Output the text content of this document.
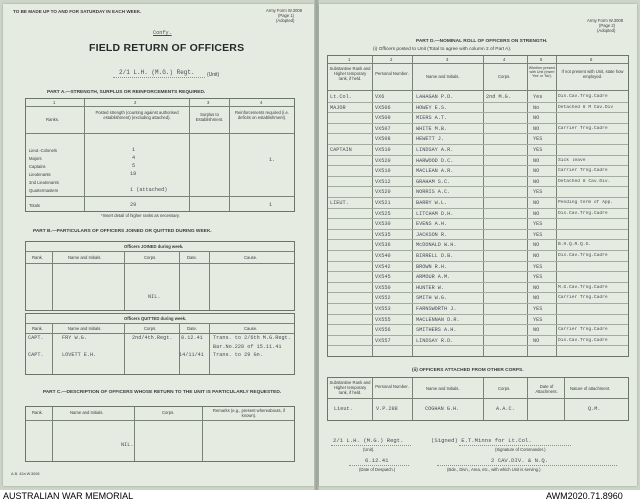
TO BE MADE UP TO AND FOR SATURDAY IN EACH WEEK.	Army Form W.3008
(Page 1)
(Adopted)
Confy.
FIELD RETURN OF OFFICERS
2/1 L.H. (M.G.) Regt. (Unit)
PART A.—STRENGTH, SURPLUS OR REINFORCEMENTS REQUIRED.
1	2	3	4
Ranks.
Posted strength (counting against authorised establishment) (excluding attached).
Surplus to Establishment.
Reinforcements required (i.e. deficits on establishment).
Lieut.-Colonels	1
Majors	4	1.
Captains	5
Lieutenants	18
2nd Lieutenants
Quartermasters	1 (attached)
Totals	29	1
*Insert detail of higher ranks as necessary.
PART B.—PARTICULARS OF OFFICERS JOINED OR QUITTED DURING WEEK.
Officers JOINED during week.
Rank.	Name and Initials.	Corps.	Date.	Cause.
NIL.
Officers QUITTED during week.
Rank.	Name and Initials.	Corps.	Date.	Cause.
CAPT.	FRY W.G.	2nd/4th.Regt. 8.12.41 Trans. to 2/6th M.G.Regt.
Bar.No.228 of 15.11.41
CAPT.	LOVETT E.H.	14/11/41 Trans. to 29 Gn.
PART C.—DESCRIPTION OF OFFICERS WHOSE RETURN TO THE UNIT IS PARTICULARLY REQUESTED.
Rank.	Name and Initials.	Corps.	Remarks (e.g., present whereabouts, if known).
NIL.
A.B. 42a W.3008
Army Form W.3008
(Page 2)
(Adopted)
PART D.—NOMINAL ROLL OF OFFICERS ON STRENGTH.
(i) Officers posted to Unit (Total to agree with column 2 of Part A).
1	2	3	4	5	6
Substantive Rank and Higher temporary rank, if held.
Personal Number.
Name and Initials.	Corps.
Whether present with Unit (Insert 'Yes' or 'No').
If not present with Unit, state how employed.
Lt.Col.	VX6	LAHAGAN P.D.	2nd M.G.	Yes	Dis.Cav.Trng.Cadre
MAJOR	VX506	HOWEY E.S.	No	Detached 8 M Cav.Div
VX509	MIERS A.T.	NO
VX507	WHITE M.B.	NO	Carrier Trng.Cadre
VX508	HEWETT J.	YES
CAPTAIN	VX510	LINDSAY A.R.	YES
VX520	HARWOOD D.C.	NO	Sick leave
VX510	MACLEAN A.R.	NO	Carrier Trng.Cadre
VX512	GRAHAM S.C.	NO	Detached 8 Cav.Div.
VX520	NORRIS A.C.	YES
LIEUT.	VX521	BARRY W.L.	NO	Pending term of App.
VX525	LITCHAM D.H.	NO	Dis.Cav.Trng.Cadre
VX530	EVENS A.H.	YES
VX535	JACKSON R.	YES
VX536	McDONALD W.H.	NO	B.H.Q.R.Q.G.
VX540	BIRRELL D.B.	NO	Dis.Cav.Trng.Cadre
VX542	BROWN R.H.	YES
VX545	ARMOUR A.M.	YES
VX550	HUNTER W.	NO	M.G.Cav.Trng.Cadre
VX552	SMITH W.G.	NO	Carrier Trng.Cadre
VX553	FARNSWORTH J.	YES
VX555	MACLENNAN D.R.	YES
VX556	SMITHERS A.H.	NO	Carrier Trng.Cadre
VX557	LINDSAY R.D.	NO	Dis.Cav.Trng.Cadre
(ii) OFFICERS ATTACHED FROM OTHER CORPS.
Substantive Rank and Higher temporary rank, if held.
Personal Number.	Name and Initials.	Corps.	Date of Attachment.
Nature of attachment.
Lieut.	V.P.288	COGHAN G.H.	A.A.C.	Q.M.
2/1 L.H. (M.G.) Regt.
(Unit).
(Signed) E.T.Minns for Lt.Col.
(Signature of Commander.)
6.12.41
(Date of Despatch.)
2 CAV.DIV. & N.Q.
(Bde., Divn., Area, etc., with which Unit is serving.)
AUSTRALIAN WAR MEMORIAL	AWM2020.71.8960
